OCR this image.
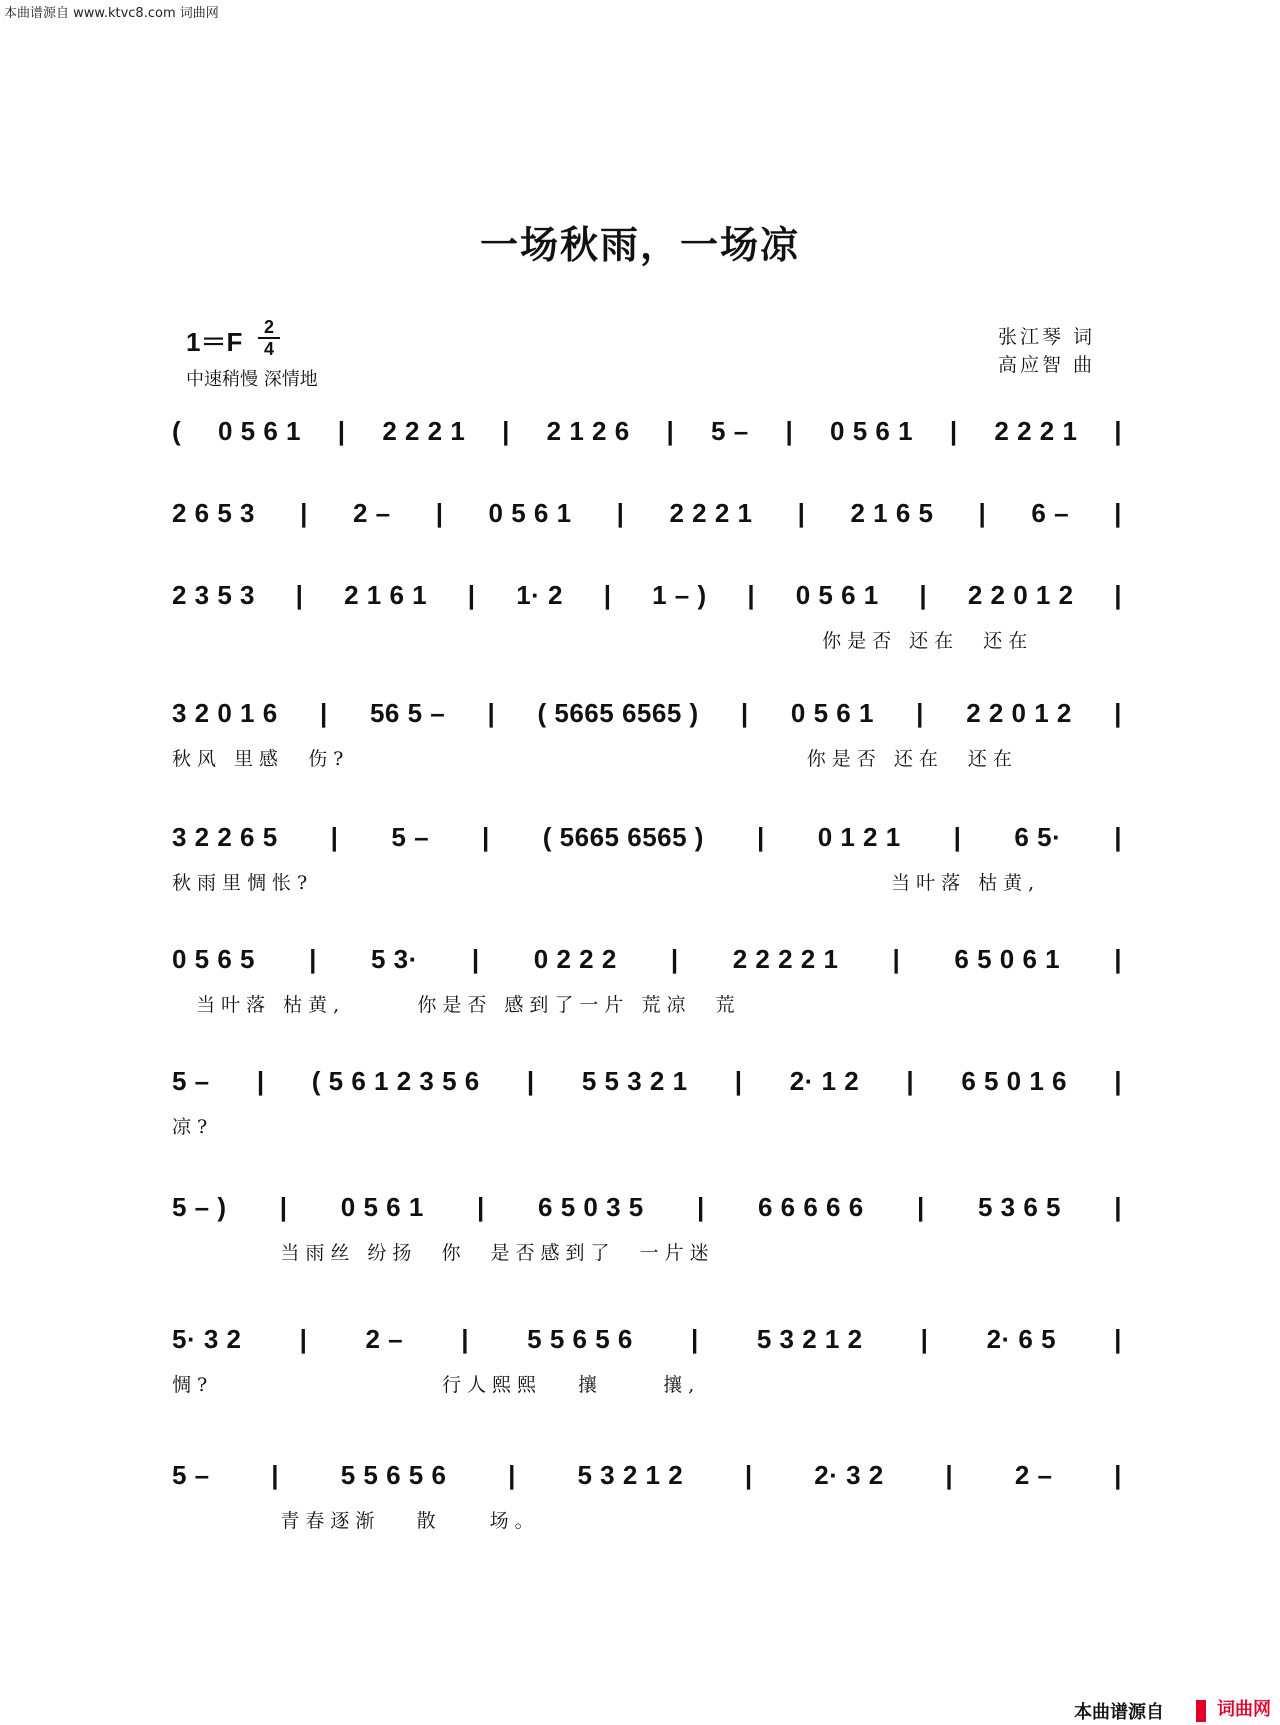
本曲谱源自 www.ktvc8.com 词曲网
一场秋雨，一场凉
1＝F	2
4
中速稍慢 深情地
张江琴 词
高应智 曲
( 0 5 6 1 | 2 2 2 1 | 2 1 2 6 | 5 – | 0 5 6 1 | 2 2 2 1 |
2 6 5 3 | 2 – | 0 5 6 1 | 2 2 2 1 | 2 1 6 5 | 6 – |
2 3 5 3 | 2 1 6 1 | 1· 2 | 1 – ) | 0 5 6 1 | 2 2 0 1 2 |
你是否 还在  还在
3 2 0 1 6 | 56 5 – | ( 5665 6565 ) | 0 5 6 1 | 2 2 0 1 2 |
秋风 里感  伤?                                      你是否 还在  还在
3 2 2 6 5 | 5 – | ( 5665 6565 ) | 0 1 2 1 | 6 5· |
秋雨里惆怅?                                                当叶落 枯黄,
0 5 6 5 | 5 3· | 0 2 2 2 | 2 2 2 2 1 | 6 5 0 6 1 |
当叶落 枯黄,      你是否 感到了一片 荒凉  荒
5 – | ( 5 6 1 2 3 5 6 | 5 5 3 2 1 | 2· 1 2 | 6 5 0 1 6 |
凉?
5 – ) | 0 5 6 1 | 6 5 0 3 5 | 6 6 6 6 6 | 5 3 6 5 |
当雨丝 纷扬  你  是否感到了  一片迷
5· 3 2 | 2 – | 5 5 6 5 6 | 5 3 2 1 2 | 2· 6 5 |
惆?                   行人熙熙   攘     攘,
5 – | 5 5 6 5 6 | 5 3 2 1 2 | 2· 3 2 | 2 – |
青春逐渐   散    场。
本曲谱源自	词曲网
